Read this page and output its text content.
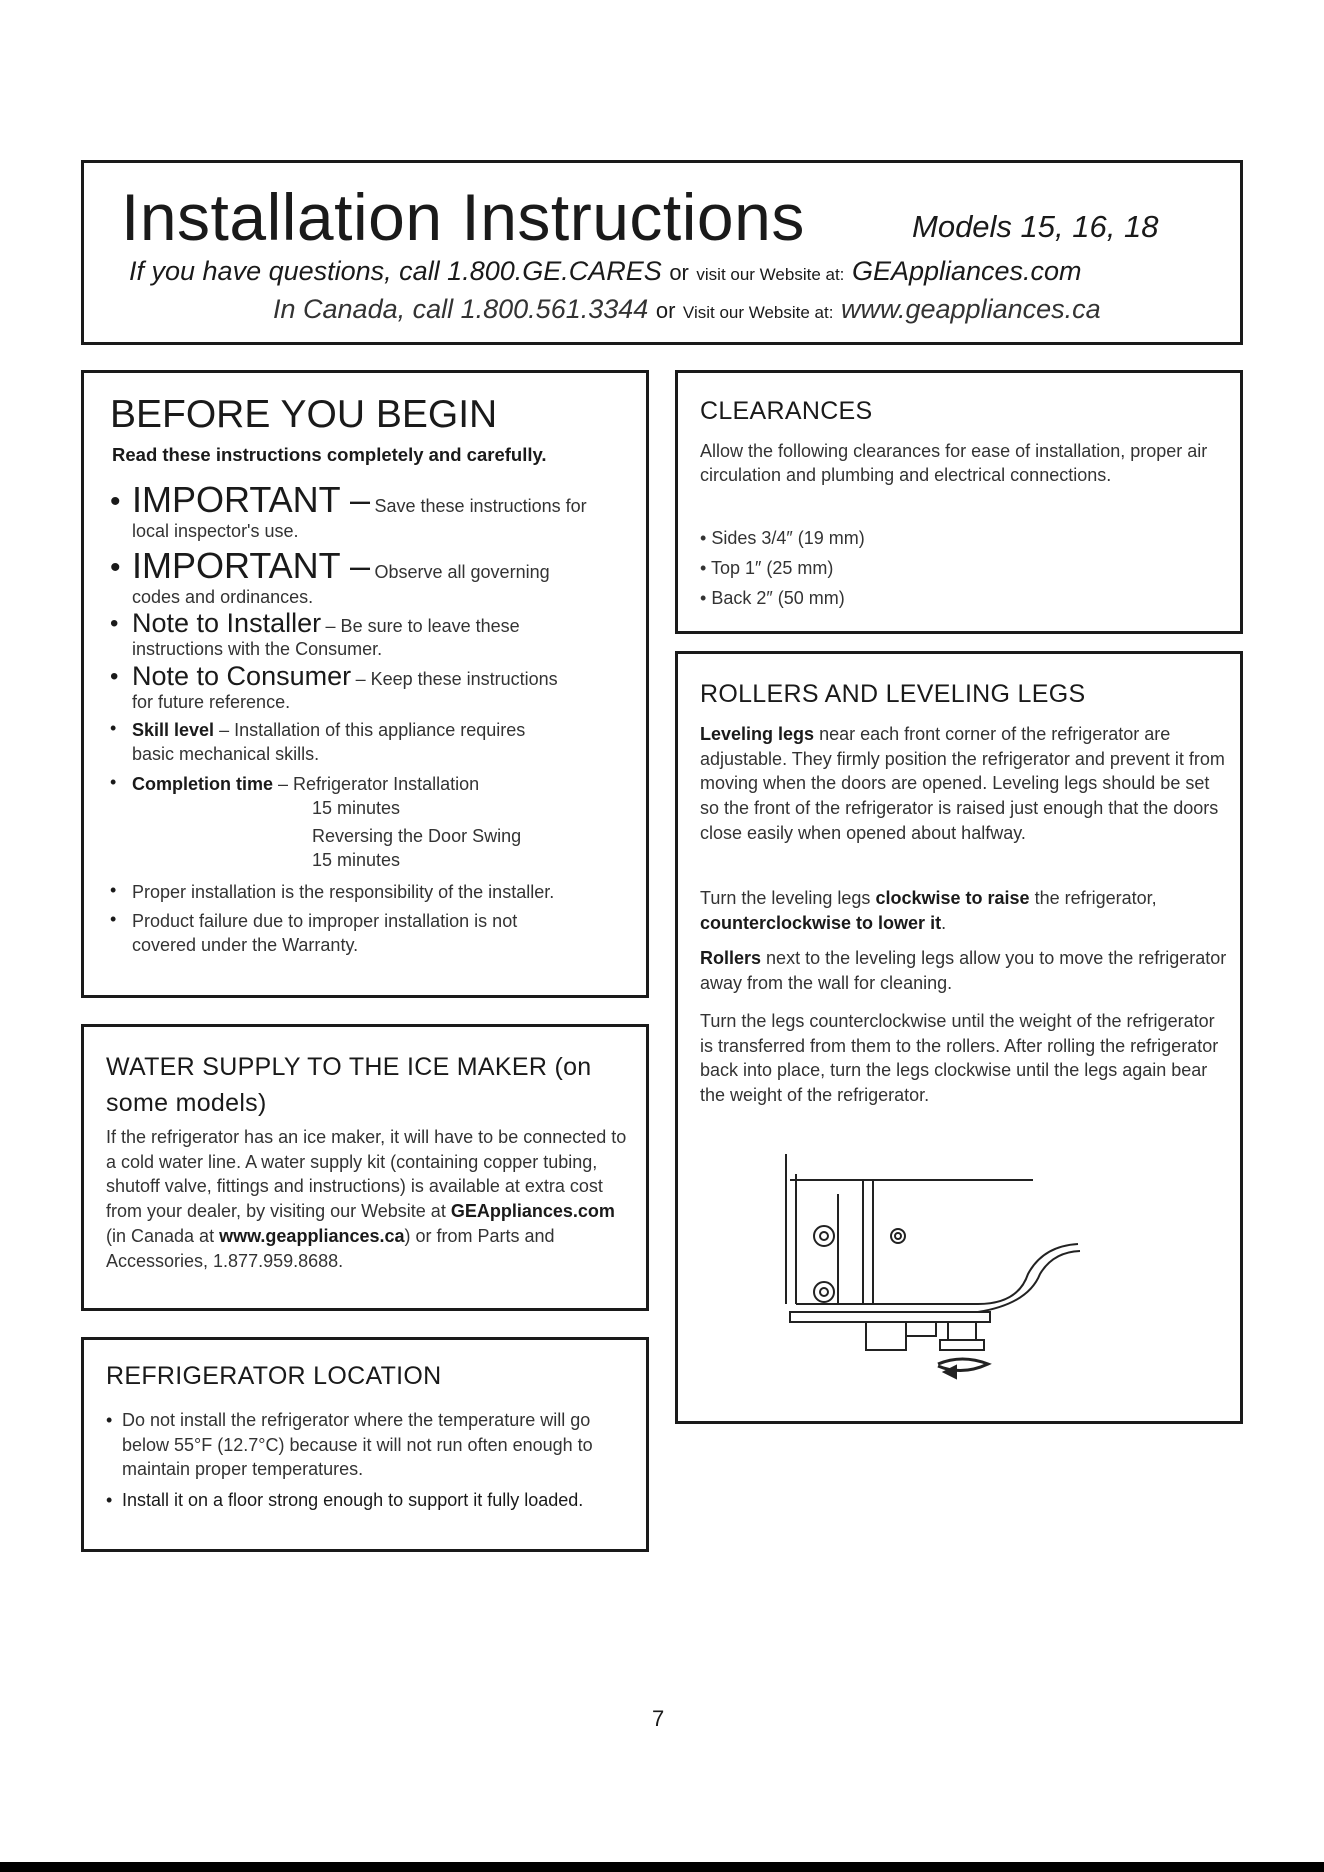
Installation Instructions	Models 15, 16, 18
If you have questions, call 1.800.GE.CARES or visit our Website at: GEAppliances.com
In Canada, call 1.800.561.3344 or Visit our Website at: www.geappliances.ca
BEFORE YOU BEGIN
Read these instructions completely and carefully.
• IMPORTANT – Save these instructions for
local inspector's use.
• IMPORTANT – Observe all governing
codes and ordinances.
• Note to Installer – Be sure to leave these
instructions with the Consumer.
• Note to Consumer – Keep these instructions
for future reference.
• Skill level – Installation of this appliance requires
basic mechanical skills.
• Completion time – Refrigerator Installation
15 minutes
Reversing the Door Swing
15 minutes
• Proper installation is the responsibility of the installer.
• Product failure due to improper installation is not
covered under the Warranty.
CLEARANCES
Allow the following clearances for ease of installation, proper air circulation and plumbing and electrical connections.
• Sides 3/4″ (19 mm)
• Top 1″ (25 mm)
• Back 2″ (50 mm)
ROLLERS AND LEVELING LEGS
Leveling legs near each front corner of the refrigerator are adjustable. They firmly position the refrigerator and prevent it from moving when the doors are opened. Leveling legs should be set so the front of the refrigerator is raised just enough that the doors close easily when opened about halfway.
Turn the leveling legs clockwise to raise the refrigerator, counterclockwise to lower it.
Rollers next to the leveling legs allow you to move the refrigerator away from the wall for cleaning.
Turn the legs counterclockwise until the weight of the refrigerator is transferred from them to the rollers. After rolling the refrigerator back into place, turn the legs clockwise until the legs again bear the weight of the refrigerator.
WATER SUPPLY TO THE ICE MAKER (on
some models)
If the refrigerator has an ice maker, it will have to be connected to a cold water line. A water supply kit (containing copper tubing, shutoff valve, fittings and instructions) is available at extra cost from your dealer, by visiting our Website at GEAppliances.com (in Canada at www.geappliances.ca) or from Parts and Accessories, 1.877.959.8688.
REFRIGERATOR LOCATION
• Do not install the refrigerator where the temperature will go below 55°F (12.7°C) because it will not run often enough to maintain proper temperatures.
• Install it on a floor strong enough to support it fully loaded.
7
